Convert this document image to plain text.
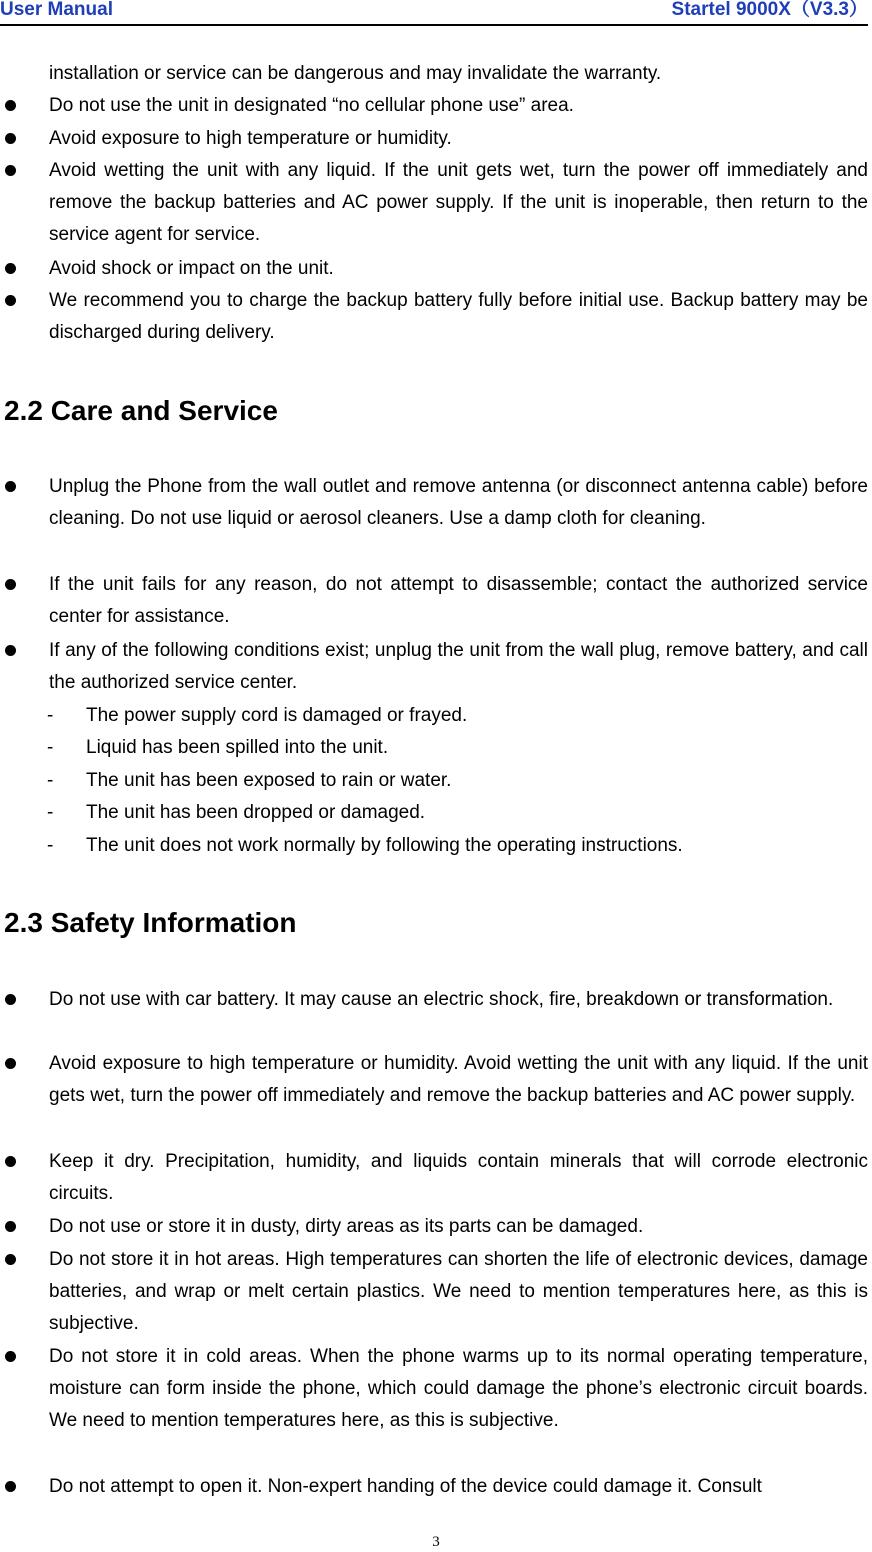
User Manual	Startel 9000X（V3.3）
installation or service can be dangerous and may invalidate the warranty.
Do not use the unit in designated “no cellular phone use” area.
Avoid exposure to high temperature or humidity.
Avoid wetting the unit with any liquid. If the unit gets wet, turn the power off immediately and remove the backup batteries and AC power supply. If the unit is inoperable, then return to the service agent for service.
Avoid shock or impact on the unit.
We recommend you to charge the backup battery fully before initial use. Backup battery may be discharged during delivery.
2.2 Care and Service
Unplug the Phone from the wall outlet and remove antenna (or disconnect antenna cable) before cleaning. Do not use liquid or aerosol cleaners. Use a damp cloth for cleaning.
If the unit fails for any reason, do not attempt to disassemble; contact the authorized service center for assistance.
If any of the following conditions exist; unplug the unit from the wall plug, remove battery, and call the authorized service center.
- The power supply cord is damaged or frayed.
- Liquid has been spilled into the unit.
- The unit has been exposed to rain or water.
- The unit has been dropped or damaged.
- The unit does not work normally by following the operating instructions.
2.3 Safety Information
Do not use with car battery. It may cause an electric shock, fire, breakdown or transformation.
Avoid exposure to high temperature or humidity. Avoid wetting the unit with any liquid. If the unit gets wet, turn the power off immediately and remove the backup batteries and AC power supply.
Keep it dry. Precipitation, humidity, and liquids contain minerals that will corrode electronic circuits.
Do not use or store it in dusty, dirty areas as its parts can be damaged.
Do not store it in hot areas. High temperatures can shorten the life of electronic devices, damage batteries, and wrap or melt certain plastics. We need to mention temperatures here, as this is subjective.
Do not store it in cold areas. When the phone warms up to its normal operating temperature, moisture can form inside the phone, which could damage the phone’s electronic circuit boards. We need to mention temperatures here, as this is subjective.
Do not attempt to open it. Non-expert handing of the device could damage it. Consult
3
